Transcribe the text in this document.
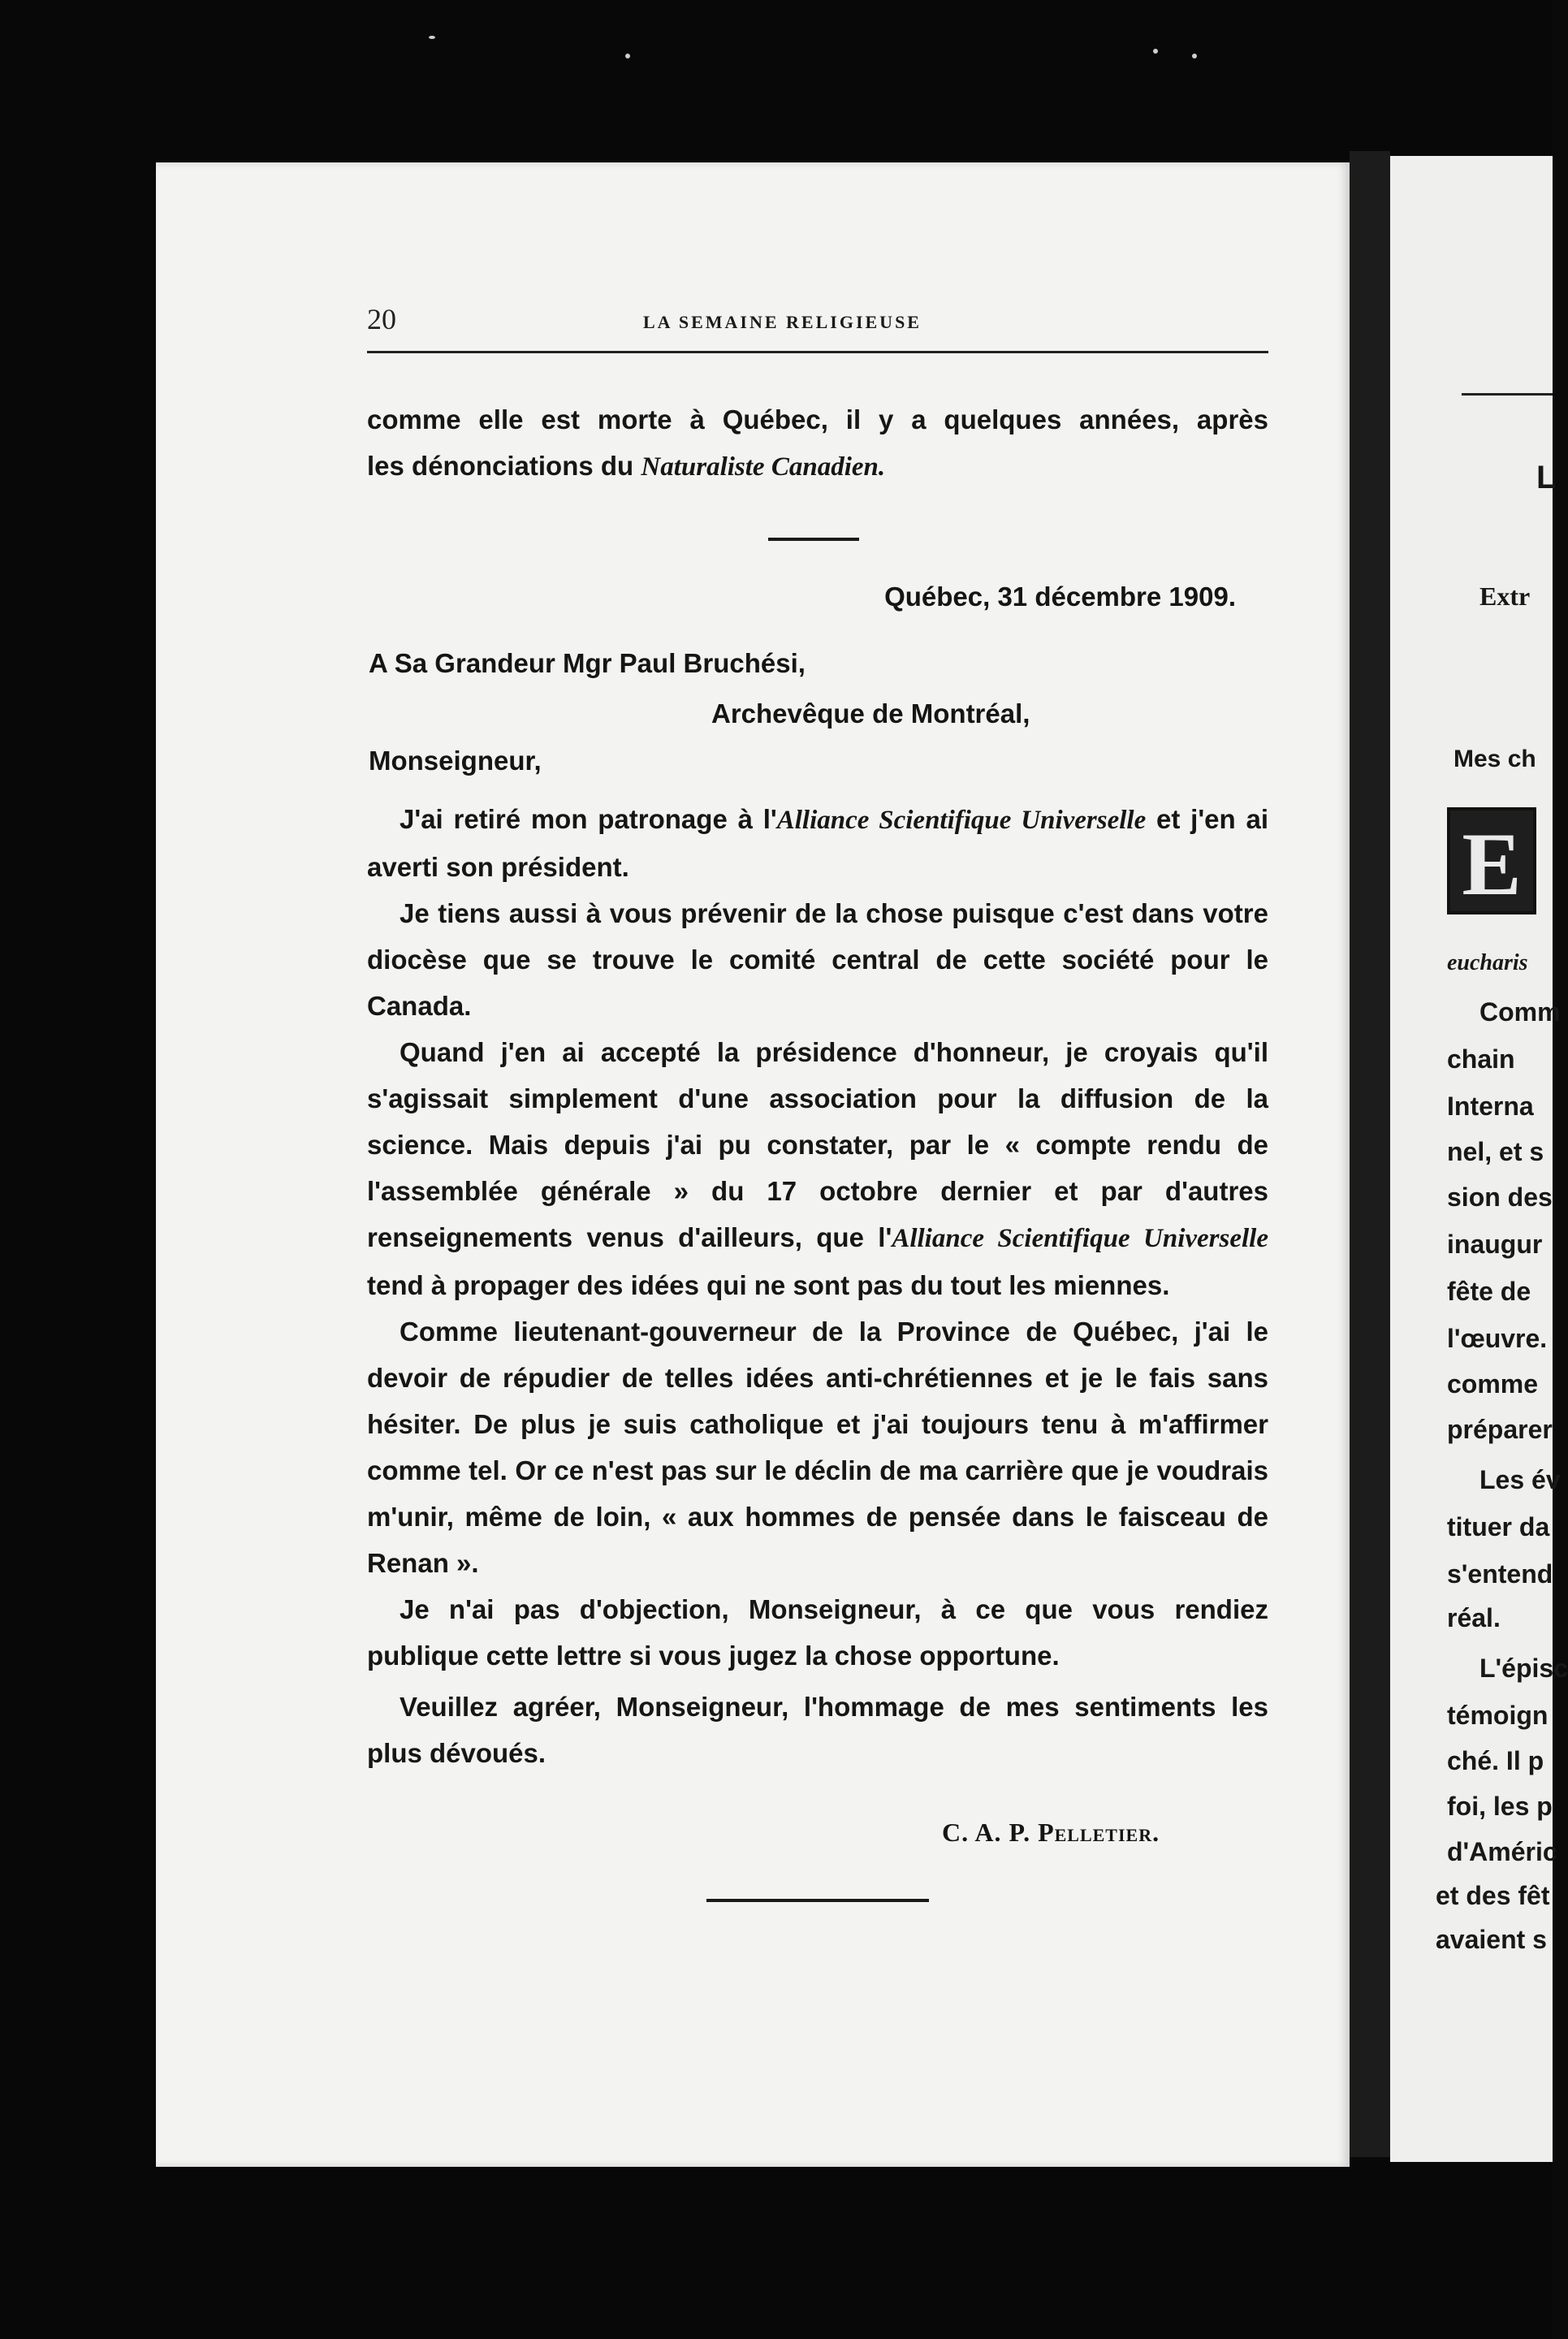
20	LA SEMAINE RELIGIEUSE

comme elle est morte à Québec, il y a quelques années, après

les dénonciations du Naturaliste Canadien.

Québec, 31 décembre 1909.
A Sa Grandeur Mgr Paul Bruchési,
Archevêque de Montréal,
Monseigneur,

J'ai retiré mon patronage à l'Alliance Scientifique Universelle et j'en ai averti son président.

Je tiens aussi à vous prévenir de la chose puisque c'est dans votre diocèse que se trouve le comité central de cette société pour le Canada.

Quand j'en ai accepté la présidence d'honneur, je croyais qu'il s'agissait simplement d'une association pour la diffusion de la science. Mais depuis j'ai pu constater, par le « compte rendu de l'assemblée générale » du 17 octobre dernier et par d'autres renseignements venus d'ailleurs, que l'Alliance Scientifique Universelle tend à propager des idées qui ne sont pas du tout les miennes.

Comme lieutenant-gouverneur de la Province de Québec, j'ai le devoir de répudier de telles idées anti-chrétiennes et je le fais sans hésiter. De plus je suis catholique et j'ai toujours tenu à m'affirmer comme tel. Or ce n'est pas sur le déclin de ma carrière que je voudrais m'unir, même de loin, « aux hommes de pensée dans le faisceau de Renan ».

Je n'ai pas d'objection, Monseigneur, à ce que vous rendiez publique cette lettre si vous jugez la chose opportune.

Veuillez agréer, Monseigneur, l'hommage de mes sentiments les plus dévoués.

C. A. P. Pelletier.
L
Extr
Mes ch
E
eucharis
Comm
chain
Interna
nel, et s
sion des
inaugur
fête de
l'œuvre.
comme
préparer
Les év
tituer da
s'entend
réal.
L'épisc
témoign
ché. Il p
foi, les p
d'Améric
et des fêt
avaient s
